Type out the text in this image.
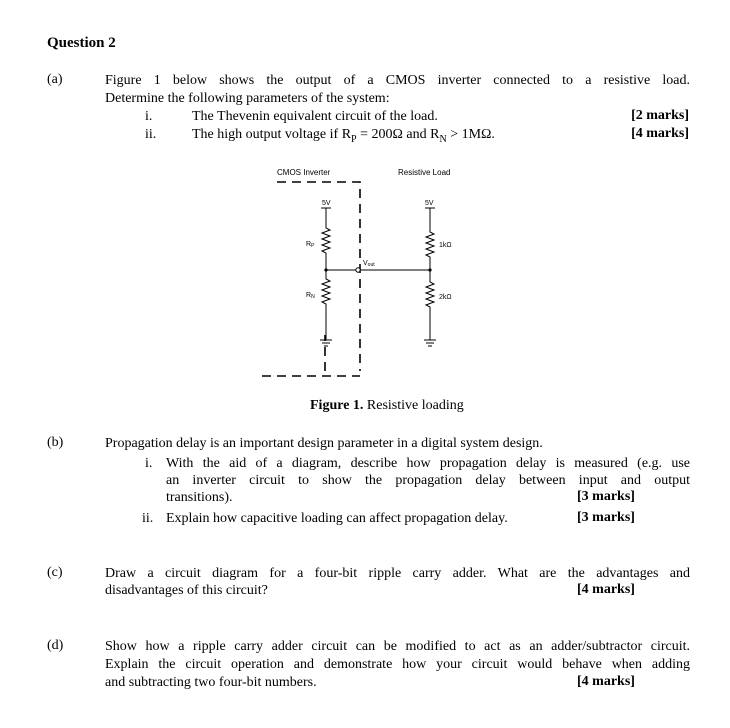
Question 2
(a)	Figure 1 below shows the output of a CMOS inverter connected to a resistive load.
Determine the following parameters of the system:
i.	The Thevenin equivalent circuit of the load.	[2 marks]
ii.	The high output voltage if $R_P = 200\Omega$ and $R_N > 1M\Omega$.	[4 marks]
CMOS Inverter	Resistive Load
5V
RP
Vout
RN
5V
1kΩ
2kΩ
Figure 1. Resistive loading
(b)	Propagation delay is an important design parameter in a digital system design.
i. With the aid of a diagram, describe how propagation delay is measured (e.g. use
an inverter circuit to show the propagation delay between input and output
transitions).	[3 marks]
ii. Explain how capacitive loading can affect propagation delay.	[3 marks]
(c)	Draw a circuit diagram for a four-bit ripple carry adder. What are the advantages and
disadvantages of this circuit?	[4 marks]
(d)	Show how a ripple carry adder circuit can be modified to act as an adder/subtractor circuit.
Explain the circuit operation and demonstrate how your circuit would behave when adding
and subtracting two four-bit numbers.	[4 marks]
